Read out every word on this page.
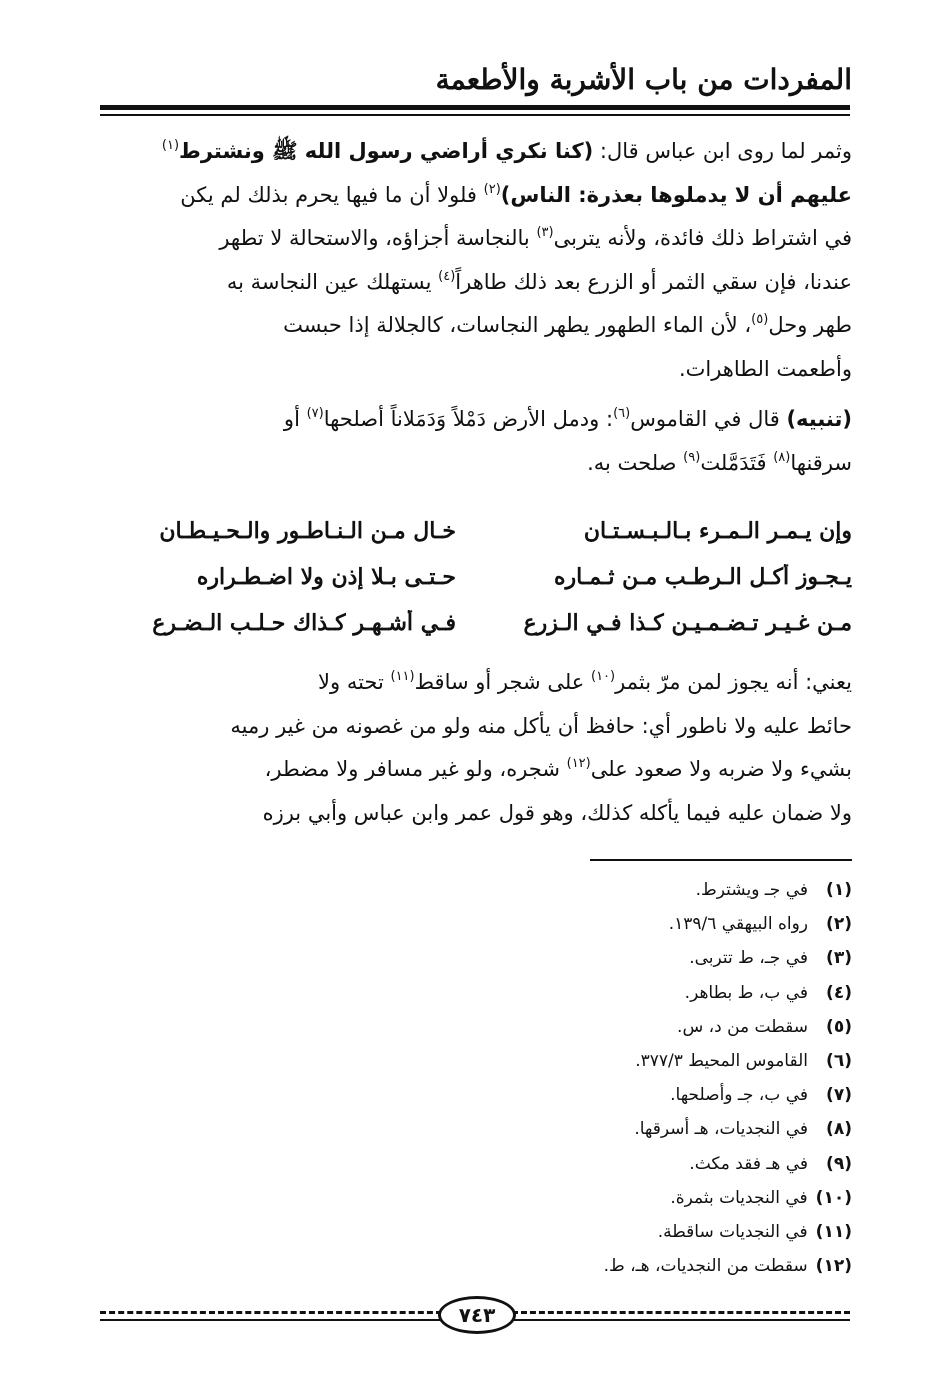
المفردات من باب الأشربة والأطعمة
وثمر لما روى ابن عباس قال: (كنا نكري أراضي رسول الله ﷺ ونشترط$^{(١)}$
عليهم أن لا يدملوها بعذرة: الناس)$^{(٢)}$ فلولا أن ما فيها يحرم بذلك لم يكن
في اشتراط ذلك فائدة، ولأنه يتربى$^{(٣)}$ بالنجاسة أجزاؤه، والاستحالة لا تطهر
عندنا، فإن سقي الثمر أو الزرع بعد ذلك طاهراً$^{(٤)}$ يستهلك عين النجاسة به
طهر وحل$^{(٥)}$، لأن الماء الطهور يطهر النجاسات، كالجلالة إذا حبست
وأطعمت الطاهرات.
(تنبيه) قال في القاموس$^{(٦)}$: ودمل الأرض دَمْلاً وَدَمَلاناً أصلحها$^{(٧)}$ أو
سرقنها$^{(٨)}$ فَتَدَمَّلت$^{(٩)}$ صلحت به.
وإن يـمـر الـمـرء بـالـبـسـتـان
خـال مـن الـنـاطـور والـحـيـطـان
يـجـوز أكـل الـرطـب مـن ثـمـاره
حـتـى بـلا إذن ولا اضـطـراره
مـن غـيـر تـضـمـيـن كـذا فـي الـزرع
فـي أشـهـر كـذاك حـلـب الـضـرع
يعني: أنه يجوز لمن مرّ بثمر$^{(١٠)}$ على شجر أو ساقط$^{(١١)}$ تحته ولا
حائط عليه ولا ناطور أي: حافظ أن يأكل منه ولو من غصونه من غير رميه
بشيء ولا ضربه ولا صعود على$^{(١٢)}$ شجره، ولو غير مسافر ولا مضطر،
ولا ضمان عليه فيما يأكله كذلك، وهو قول عمر وابن عباس وأبي برزه
(١)في جـ ويشترط.
(٢)رواه البيهقي ١٣٩/٦.
(٣)في جـ، ط تتربى.
(٤)في ب، ط بطاهر.
(٥)سقطت من د، س.
(٦)القاموس المحيط ٣٧٧/٣.
(٧)في ب، جـ وأصلحها.
(٨)في النجديات، هـ أسرقها.
(٩)في هـ فقد مكث.
(١٠)في النجديات بثمرة.
(١١)في النجديات ساقطة.
(١٢)سقطت من النجديات، هـ، ط.
٧٤٣
